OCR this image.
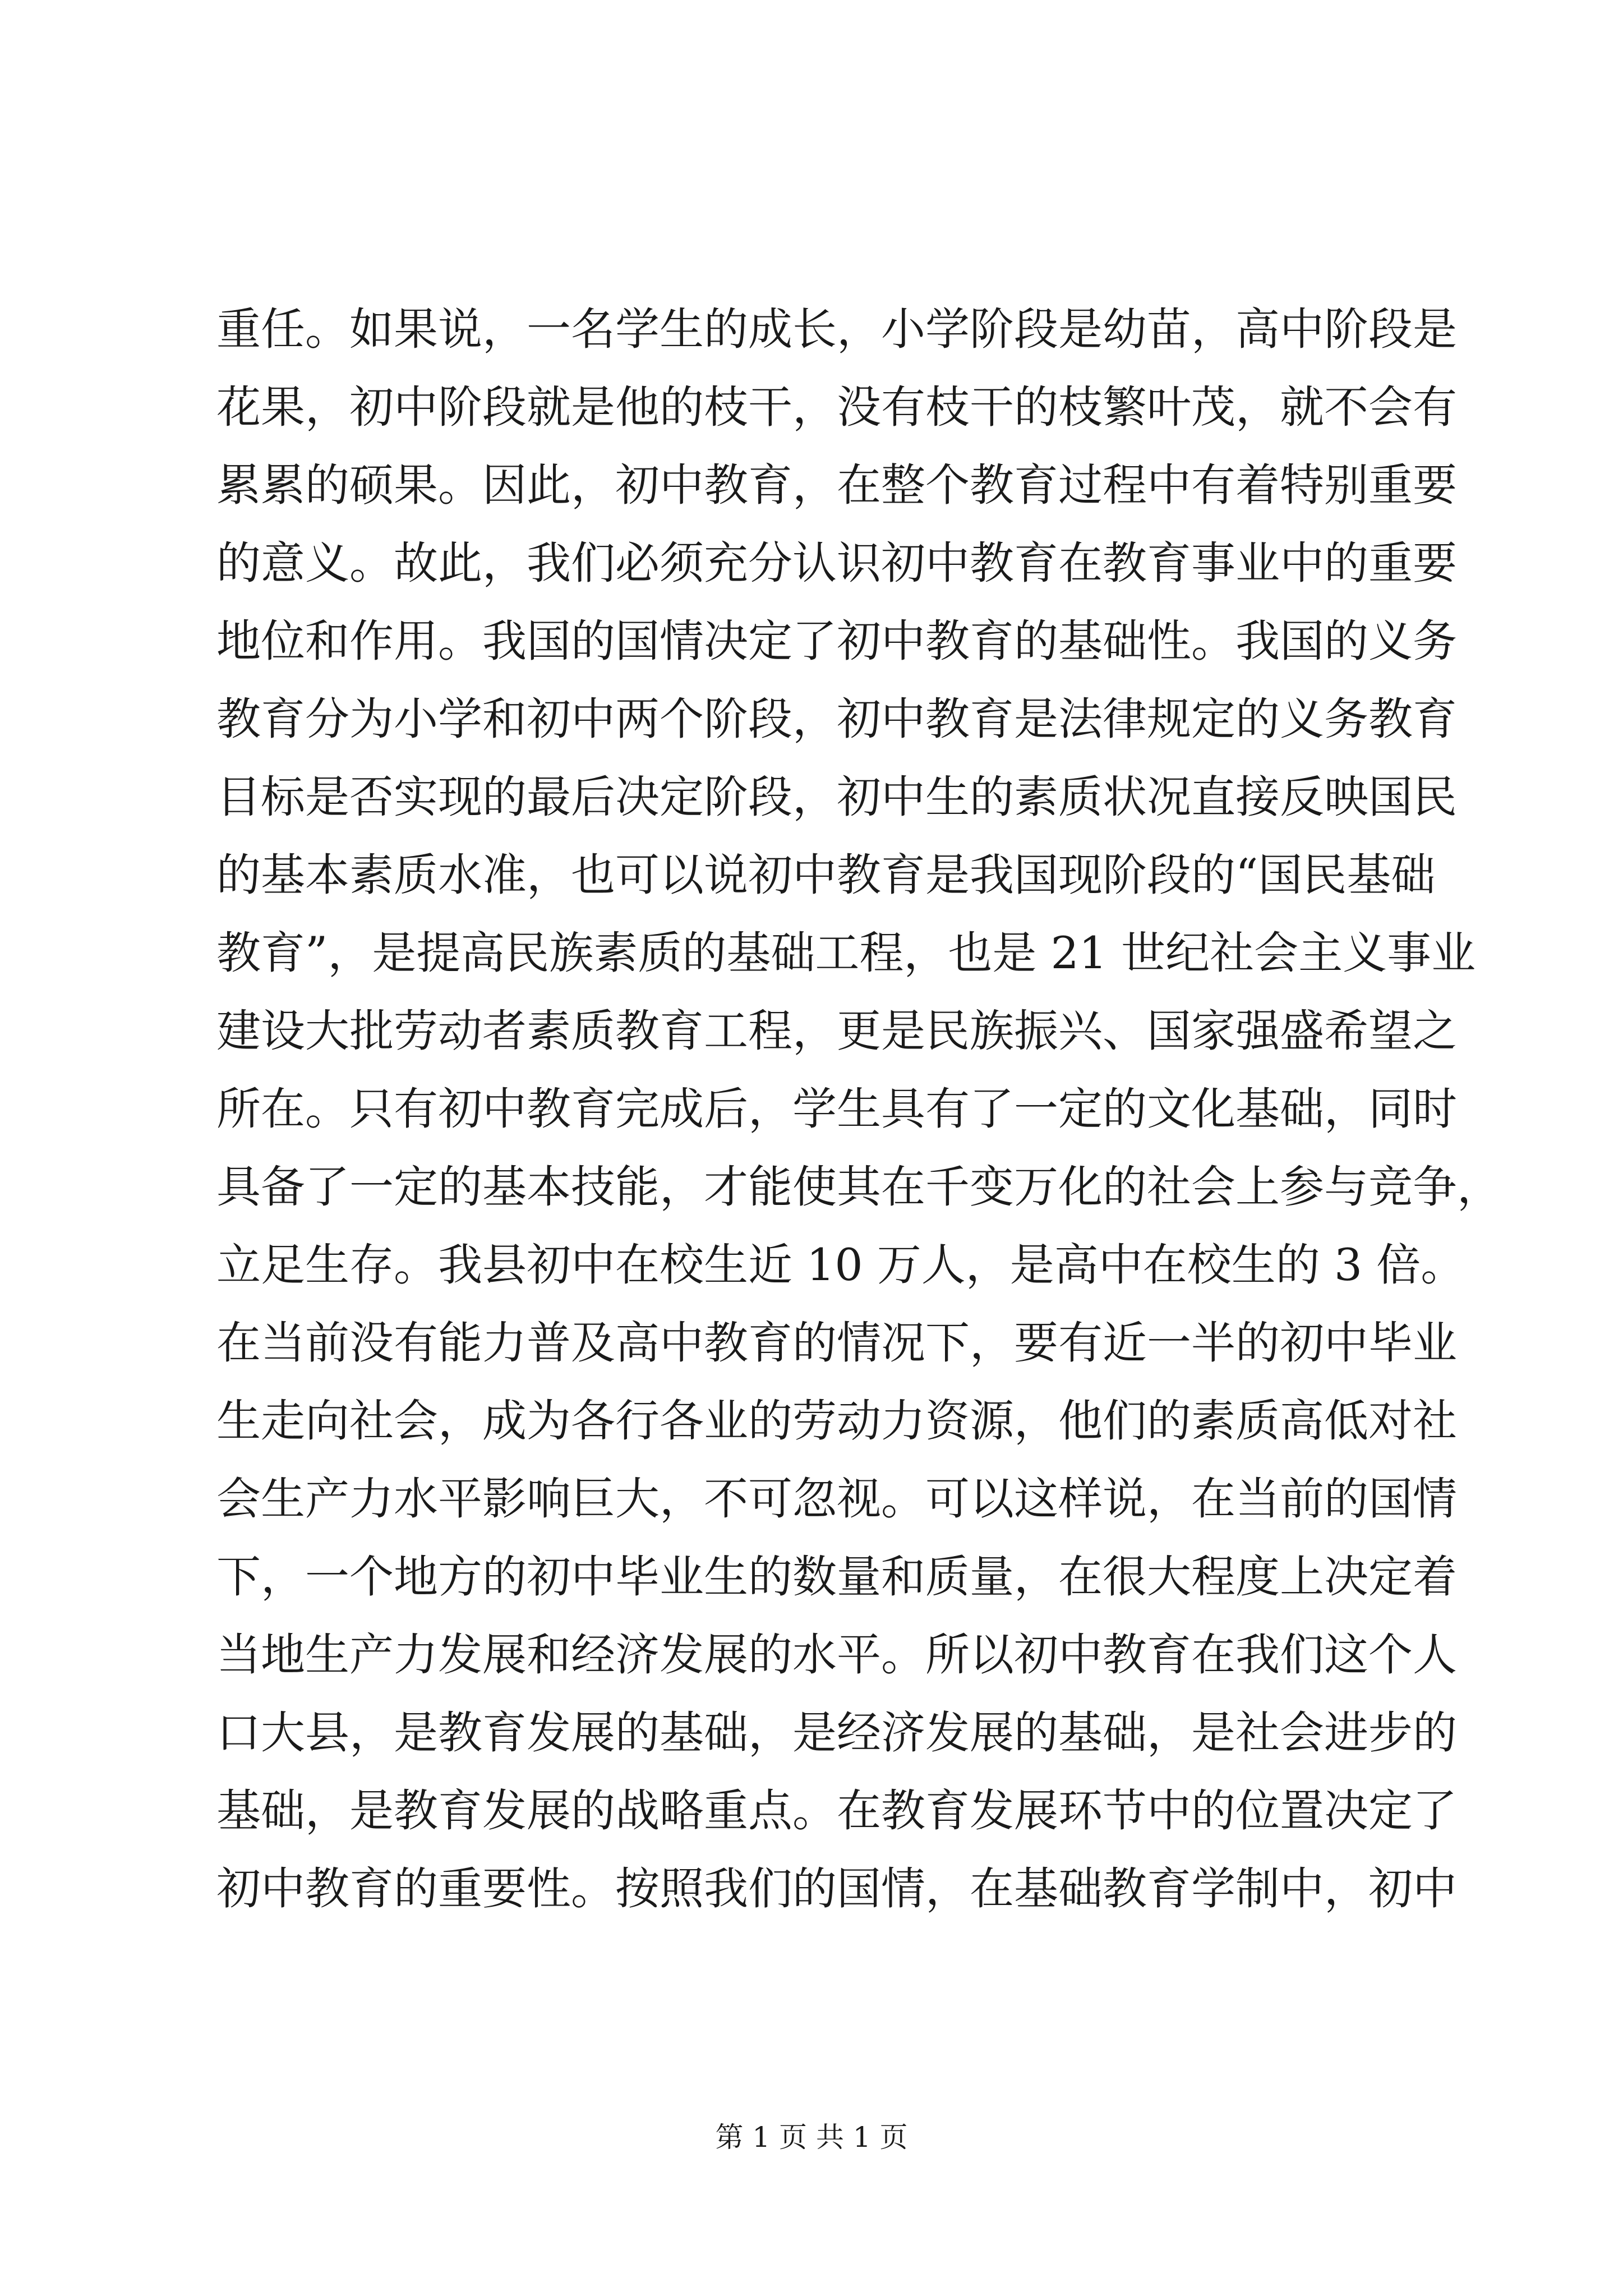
重任。如果说，一名学生的成长，小学阶段是幼苗，高中阶段是
花果，初中阶段就是他的枝干，没有枝干的枝繁叶茂，就不会有
累累的硕果。因此，初中教育，在整个教育过程中有着特别重要
的意义。故此，我们必须充分认识初中教育在教育事业中的重要
地位和作用。我国的国情决定了初中教育的基础性。我国的义务
教育分为小学和初中两个阶段，初中教育是法律规定的义务教育
目标是否实现的最后决定阶段，初中生的素质状况直接反映国民
的基本素质水准，也可以说初中教育是我国现阶段的“国民基础
教育”，是提高民族素质的基础工程，也是 21 世纪社会主义事业
建设大批劳动者素质教育工程，更是民族振兴、国家强盛希望之
所在。只有初中教育完成后，学生具有了一定的文化基础，同时
具备了一定的基本技能，才能使其在千变万化的社会上参与竞争，
立足生存。我县初中在校生近 10 万人，是高中在校生的 3 倍。
在当前没有能力普及高中教育的情况下，要有近一半的初中毕业
生走向社会，成为各行各业的劳动力资源，他们的素质高低对社
会生产力水平影响巨大，不可忽视。可以这样说，在当前的国情
下，一个地方的初中毕业生的数量和质量，在很大程度上决定着
当地生产力发展和经济发展的水平。所以初中教育在我们这个人
口大县，是教育发展的基础，是经济发展的基础，是社会进步的
基础，是教育发展的战略重点。在教育发展环节中的位置决定了
初中教育的重要性。按照我们的国情，在基础教育学制中，初中
第 1 页 共 1 页
